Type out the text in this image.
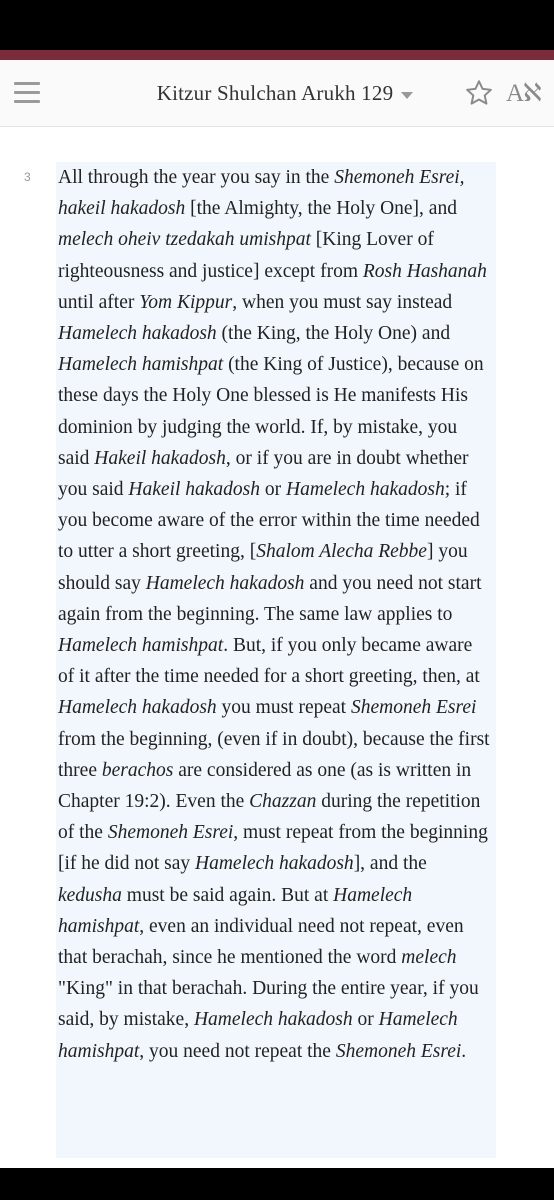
Kitzur Shulchan Arukh 129	Aℵ
3 All through the year you say in the Shemoneh Esrei, hakeil hakadosh [the Almighty, the Holy One], and melech oheiv tzedakah umishpat [King Lover of righteousness and justice] except from Rosh Hashanah until after Yom Kippur, when you must say instead Hamelech hakadosh (the King, the Holy One) and Hamelech hamishpat (the King of Justice), because on these days the Holy One blessed is He manifests His dominion by judging the world. If, by mistake, you said Hakeil hakadosh, or if you are in doubt whether you said Hakeil hakadosh or Hamelech hakadosh; if you become aware of the error within the time needed to utter a short greeting, [Shalom Alecha Rebbe] you should say Hamelech hakadosh and you need not start again from the beginning. The same law applies to Hamelech hamishpat. But, if you only became aware of it after the time needed for a short greeting, then, at Hamelech hakadosh you must repeat Shemoneh Esrei from the beginning, (even if in doubt), because the first three berachos are considered as one (as is written in Chapter 19:2). Even the Chazzan during the repetition of the Shemoneh Esrei, must repeat from the beginning [if he did not say Hamelech hakadosh], and the kedusha must be said again. But at Hamelech hamishpat, even an individual need not repeat, even that berachah, since he mentioned the word melech "King" in that berachah. During the entire year, if you said, by mistake, Hamelech hakadosh or Hamelech hamishpat, you need not repeat the Shemoneh Esrei.
